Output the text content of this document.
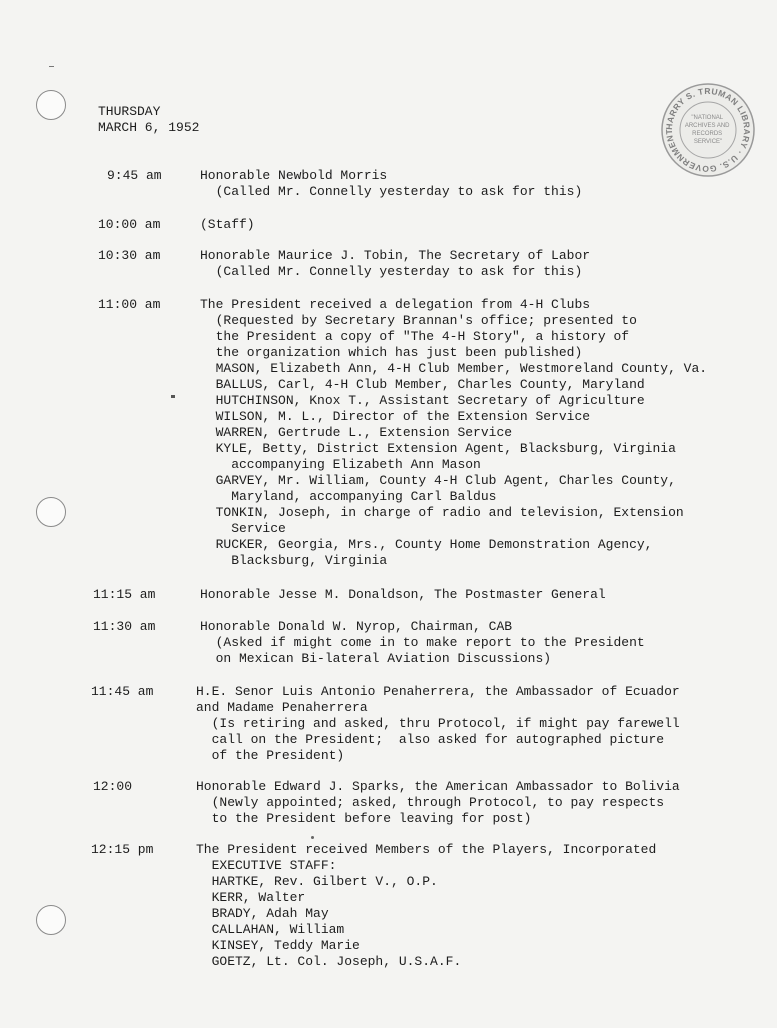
THURSDAY
MARCH 6, 1952	HARRY S. TRUMAN LIBRARY · U.S. GOVERNMENT
"NATIONAL ARCHIVES AND RECORDS SERVICE"
9:45 am	Honorable Newbold Morris
(Called Mr. Connelly yesterday to ask for this)
10:00 am	(Staff)
10:30 am	Honorable Maurice J. Tobin, The Secretary of Labor
(Called Mr. Connelly yesterday to ask for this)
11:00 am	The President received a delegation from 4-H Clubs
(Requested by Secretary Brannan's office; presented to
the President a copy of "The 4-H Story", a history of
the organization which has just been published)
MASON, Elizabeth Ann, 4-H Club Member, Westmoreland County, Va.
BALLUS, Carl, 4-H Club Member, Charles County, Maryland
HUTCHINSON, Knox T., Assistant Secretary of Agriculture
WILSON, M. L., Director of the Extension Service
WARREN, Gertrude L., Extension Service
KYLE, Betty, District Extension Agent, Blacksburg, Virginia
accompanying Elizabeth Ann Mason
GARVEY, Mr. William, County 4-H Club Agent, Charles County,
Maryland, accompanying Carl Baldus
TONKIN, Joseph, in charge of radio and television, Extension
Service
RUCKER, Georgia, Mrs., County Home Demonstration Agency,
Blacksburg, Virginia
11:15 am	Honorable Jesse M. Donaldson, The Postmaster General
11:30 am	Honorable Donald W. Nyrop, Chairman, CAB
(Asked if might come in to make report to the President
on Mexican Bi-lateral Aviation Discussions)
11:45 am	H.E. Senor Luis Antonio Penaherrera, the Ambassador of Ecuador
and Madame Penaherrera
(Is retiring and asked, thru Protocol, if might pay farewell
call on the President;  also asked for autographed picture
of the President)
12:00	Honorable Edward J. Sparks, the American Ambassador to Bolivia
(Newly appointed; asked, through Protocol, to pay respects
to the President before leaving for post)
12:15 pm	The President received Members of the Players, Incorporated
EXECUTIVE STAFF:
HARTKE, Rev. Gilbert V., O.P.
KERR, Walter
BRADY, Adah May
CALLAHAN, William
KINSEY, Teddy Marie
GOETZ, Lt. Col. Joseph, U.S.A.F.
